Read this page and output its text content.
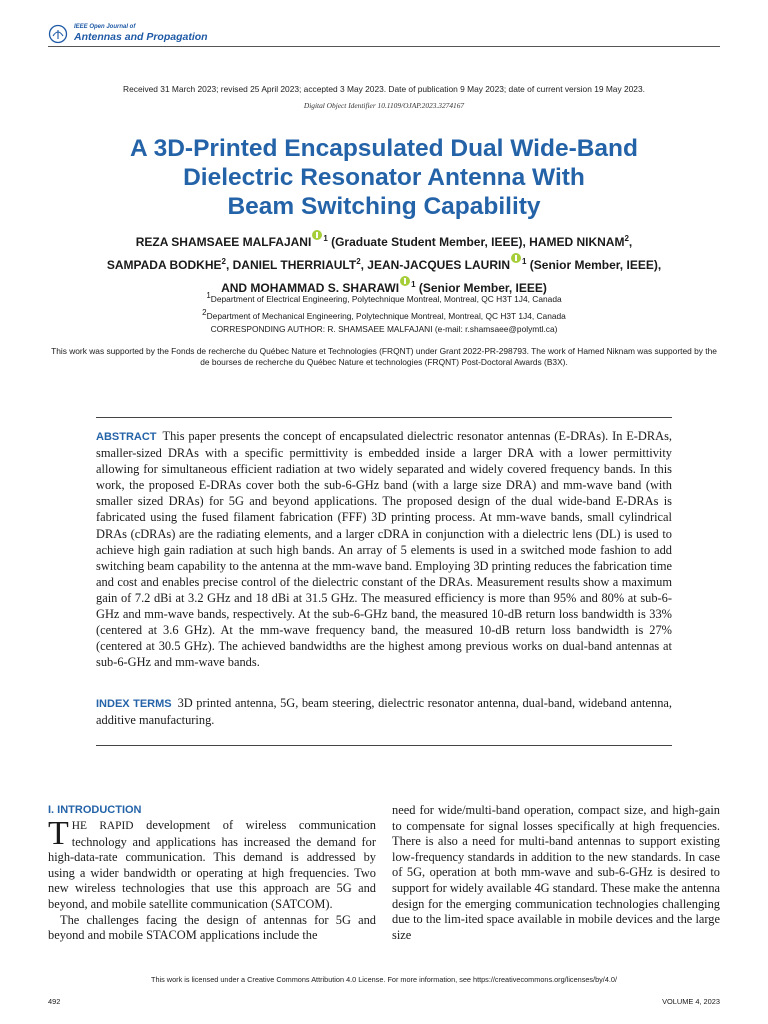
IEEE Open Journal of
Antennas and Propagation
Received 31 March 2023; revised 25 April 2023; accepted 3 May 2023. Date of publication 9 May 2023; date of current version 19 May 2023.
Digital Object Identifier 10.1109/OJAP.2023.3274167
A 3D-Printed Encapsulated Dual Wide-Band
Dielectric Resonator Antenna With
Beam Switching Capability
REZA SHAMSAEE MALFAJANI $^1$ (Graduate Student Member, IEEE), HAMED NIKNAM$^2$,
SAMPADA BODKHE$^2$, DANIEL THERRIAULT$^2$, JEAN-JACQUES LAURIN $^1$ (Senior Member, IEEE),
AND MOHAMMAD S. SHARAWI $^1$ (Senior Member, IEEE)
$^1$Department of Electrical Engineering, Polytechnique Montreal, Montreal, QC H3T 1J4, Canada
$^2$Department of Mechanical Engineering, Polytechnique Montreal, Montreal, QC H3T 1J4, Canada
CORRESPONDING AUTHOR: R. SHAMSAEE MALFAJANI (e-mail: r.shamsaee@polymtl.ca)
This work was supported by the Fonds de recherche du Québec Nature et Technologies (FRQNT) under Grant 2022-PR-298793. The work of Hamed Niknam was supported by the de bourses de recherche du Québec Nature et technologies (FRQNT) Post-Doctoral Awards (B3X).
ABSTRACT This paper presents the concept of encapsulated dielectric resonator antennas (E-DRAs). In E-DRAs, smaller-sized DRAs with a specific permittivity is embedded inside a larger DRA with a lower permittivity allowing for simultaneous efficient radiation at two widely separated and widely covered frequency bands. In this work, the proposed E-DRAs cover both the sub-6-GHz band (with a large size DRA) and mm-wave band (with smaller sized DRAs) for 5G and beyond applications. The proposed design of the dual wide-band E-DRAs is fabricated using the fused filament fabrication (FFF) 3D printing process. At mm-wave bands, small cylindrical DRAs (cDRAs) are the radiating elements, and a larger cDRA in conjunction with a dielectric lens (DL) is used to achieve high gain radiation at such high bands. An array of 5 elements is used in a switched mode fashion to add switching beam capability to the antenna at the mm-wave band. Employing 3D printing reduces the fabrication time and cost and enables precise control of the dielectric constant of the DRAs. Measurement results show a maximum gain of 7.2 dBi at 3.2 GHz and 18 dBi at 31.5 GHz. The measured efficiency is more than 95% and 80% at sub-6-GHz and mm-wave bands, respectively. At the sub-6-GHz band, the measured 10-dB return loss bandwidth is 33% (centered at 3.6 GHz). At the mm-wave frequency band, the measured 10-dB return loss bandwidth is 27% (centered at 30.5 GHz). The achieved bandwidths are the highest among previous works on dual-band antennas at sub-6-GHz and mm-wave bands.
INDEX TERMS 3D printed antenna, 5G, beam steering, dielectric resonator antenna, dual-band, wideband antenna, additive manufacturing.
I. INTRODUCTION

THE RAPID development of wireless communication technology and applications has increased the demand for high-data-rate communication. This demand is addressed by using a wider bandwidth or operating at high frequencies. Two new wireless technologies that use this approach are 5G and beyond, and mobile satellite communication (SATCOM).

The challenges facing the design of antennas for 5G and beyond and mobile STACOM applications include the

need for wide/multi-band operation, compact size, and high-gain to compensate for signal losses specifically at high frequencies. There is also a need for multi-band antennas to support existing low-frequency standards in addition to the new standards. In case of 5G, operation at both mm-wave and sub-6-GHz is desired to support for widely available 4G standard. These make the antenna design for the emerging communication technologies challenging due to the lim-ited space available in mobile devices and the large size

This work is licensed under a Creative Commons Attribution 4.0 License. For more information, see https://creativecommons.org/licenses/by/4.0/
492	VOLUME 4, 2023
